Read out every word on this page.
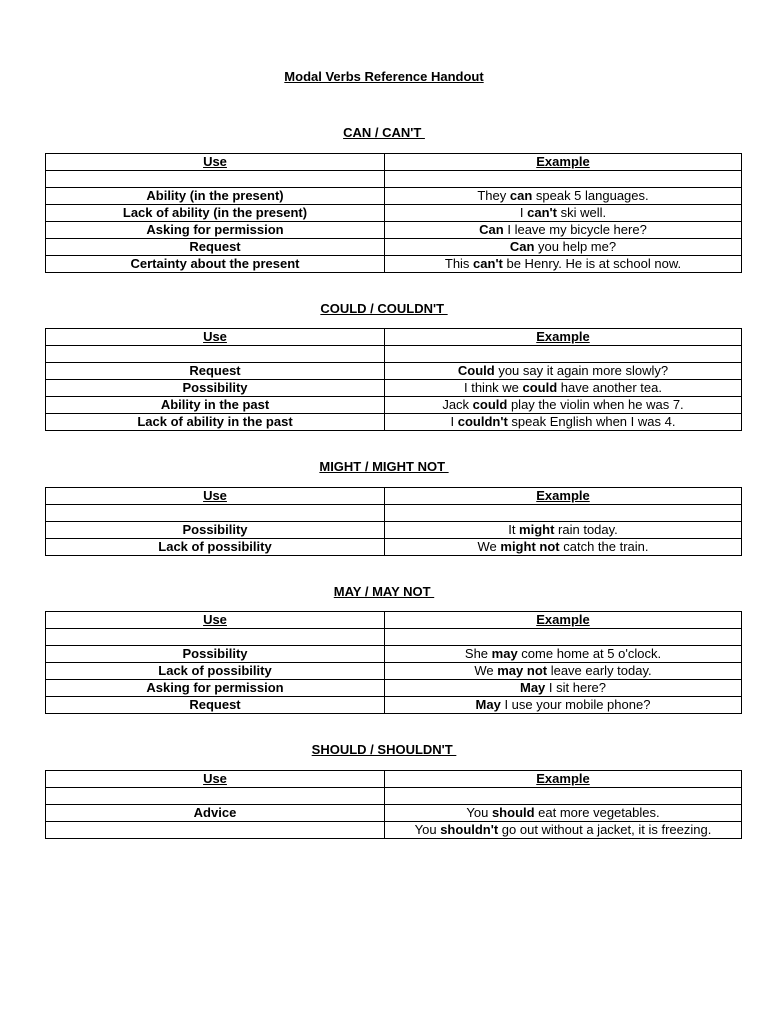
Modal Verbs Reference Handout
CAN / CAN'T
Use	Example

Ability (in the present)	They can speak 5 languages.
Lack of ability (in the present)	I can't ski well.
Asking for permission	Can I leave my bicycle here?
Request	Can you help me?
Certainty about the present	This can't be Henry. He is at school now.
COULD / COULDN'T
Use	Example

Request	Could you say it again more slowly?
Possibility	I think we could have another tea.
Ability in the past	Jack could play the violin when he was 7.
Lack of ability in the past	I couldn't speak English when I was 4.
MIGHT / MIGHT NOT
Use	Example

Possibility	It might rain today.
Lack of possibility	We might not catch the train.
MAY / MAY NOT
Use	Example

Possibility	She may come home at 5 o'clock.
Lack of possibility	We may not leave early today.
Asking for permission	May I sit here?
Request	May I use your mobile phone?
SHOULD / SHOULDN'T
Use	Example

Advice	You should eat more vegetables.
	You shouldn't go out without a jacket, it is freezing.
